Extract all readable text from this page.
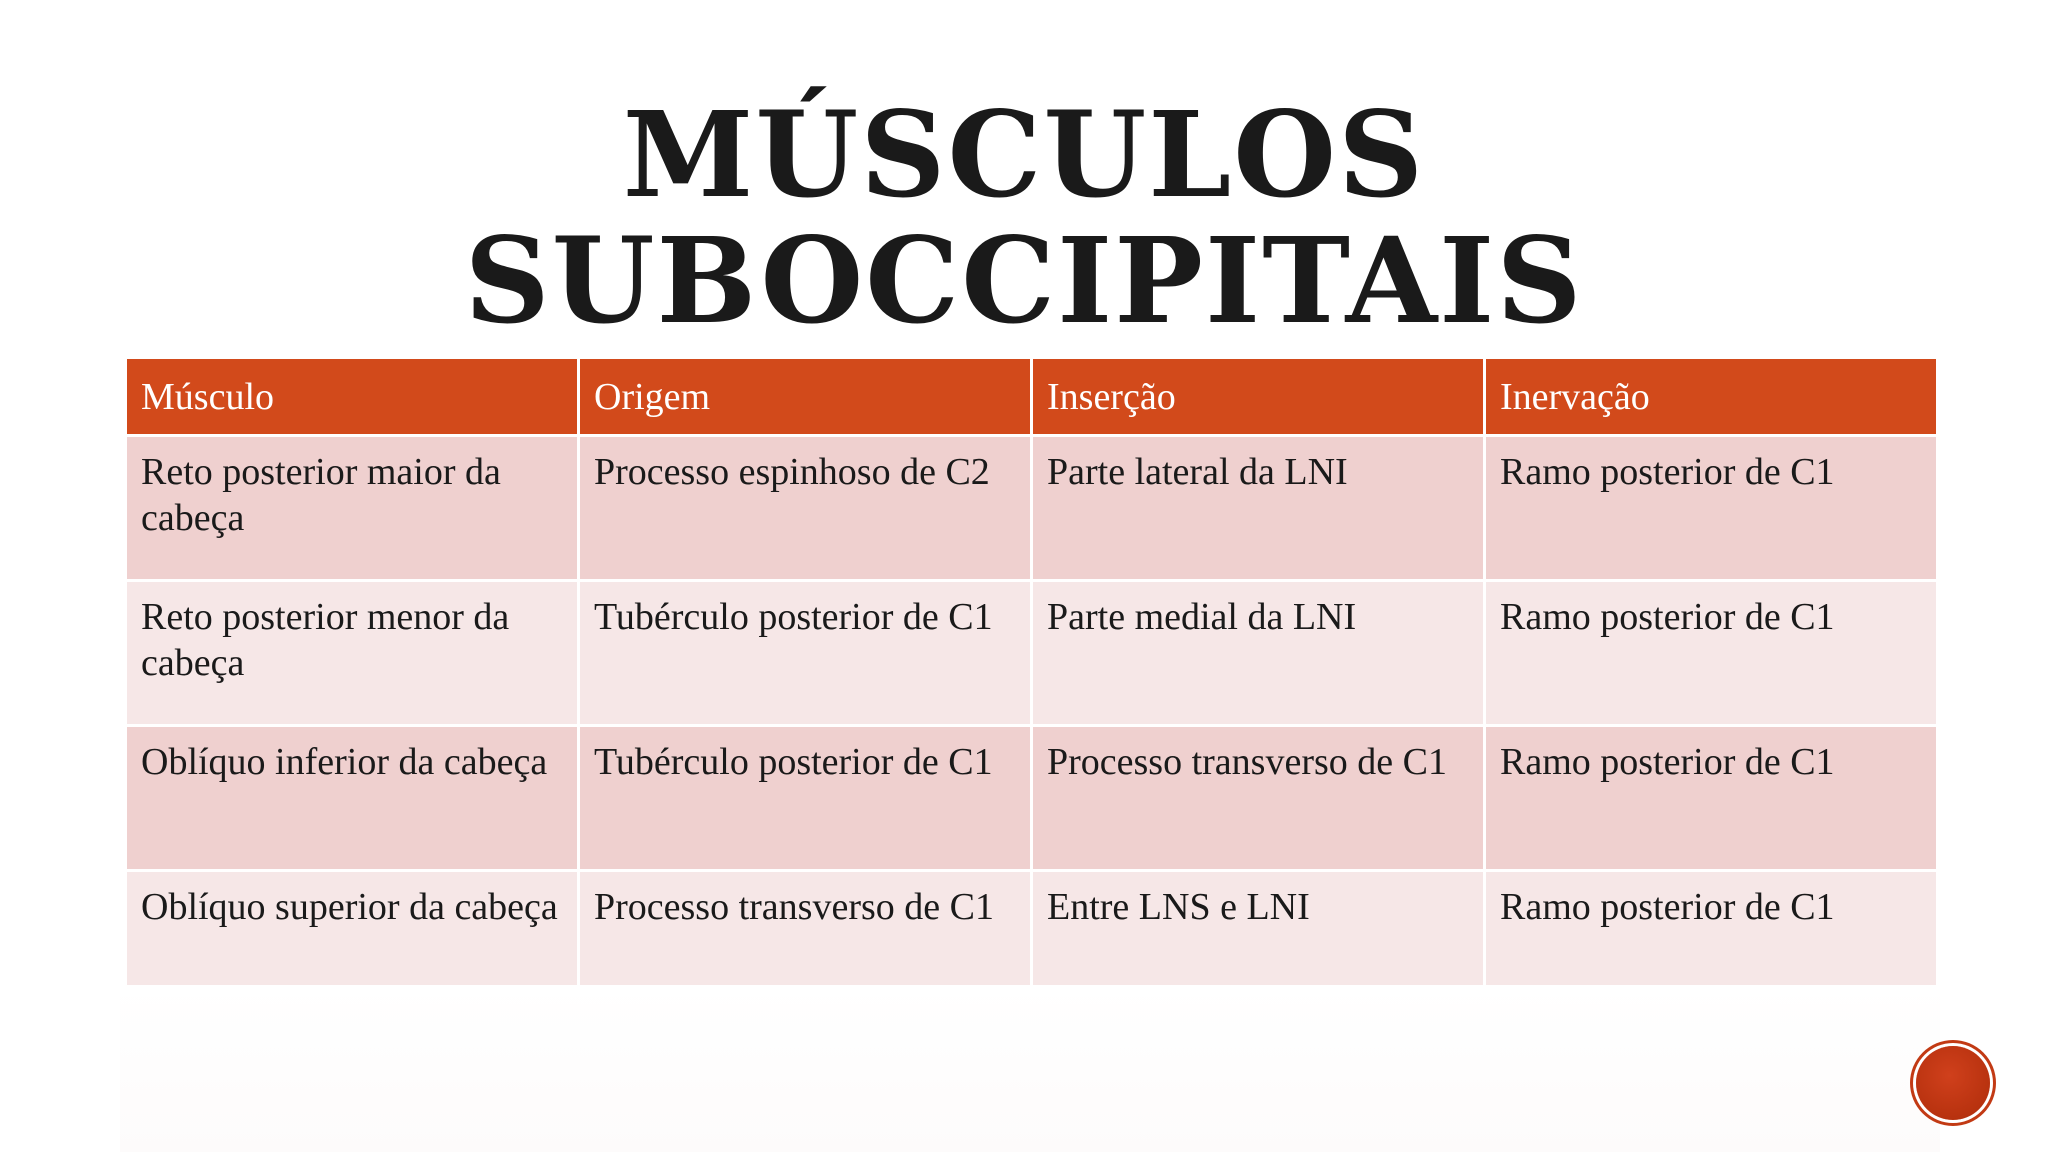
MÚSCULOS
SUBOCCIPITAIS
Músculo	Origem	Inserção	Inervação
Reto posterior maior da cabeça	Processo espinhoso de C2	Parte lateral da LNI	Ramo posterior de C1
Reto posterior menor da cabeça	Tubérculo posterior de C1	Parte medial da LNI	Ramo posterior de C1
Oblíquo inferior da cabeça	Tubérculo posterior de C1	Processo transverso de C1	Ramo posterior de C1
Oblíquo superior da cabeça	Processo transverso de C1	Entre LNS e LNI	Ramo posterior de C1
